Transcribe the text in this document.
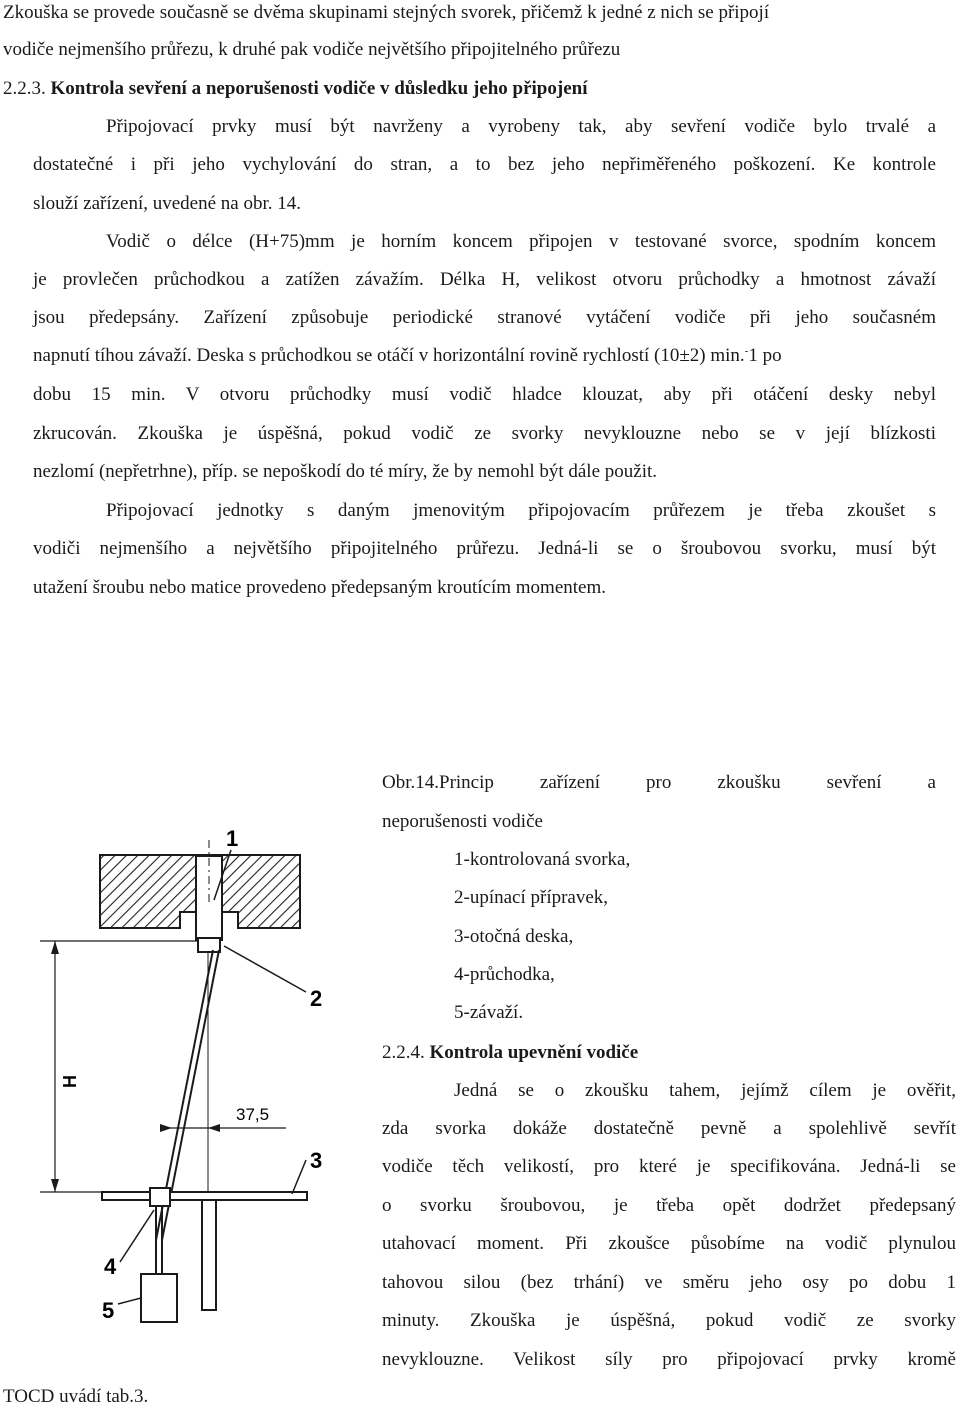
Zkouška se provede současně se dvěma skupinami stejných svorek, přičemž k jedné z nich se připojí
vodiče nejmenšího průřezu, k druhé pak vodiče největšího připojitelného průřezu
2.2.3. Kontrola sevření a neporušenosti vodiče v důsledku jeho připojení
Připojovací prvky musí být navrženy a vyrobeny tak, aby sevření vodiče bylo trvalé a
dostatečné i při jeho vychylování do stran, a to bez jeho nepřiměřeného poškození. Ke kontrole
slouží zařízení, uvedené na obr. 14.
Vodič o délce (H+75)mm je horním koncem připojen v testované svorce, spodním koncem
je provlečen průchodkou a zatížen závažím. Délka H, velikost otvoru průchodky a hmotnost závaží
jsou předepsány. Zařízení způsobuje periodické stranové vytáčení vodiče při jeho současném
napnutí tíhou závaží. Deska s průchodkou se otáčí v horizontální rovině rychlostí (10±2) min.-1 po
dobu 15 min. V otvoru průchodky musí vodič hladce klouzat, aby při otáčení desky nebyl
zkrucován. Zkouška je úspěšná, pokud vodič ze svorky nevyklouzne nebo se v její blízkosti
nezlomí (nepřetrhne), příp. se nepoškodí do té míry, že by nemohl být dále použit.
Připojovací jednotky s daným jmenovitým připojovacím průřezem je třeba zkoušet s
vodiči nejmenšího a největšího připojitelného průřezu. Jedná-li se o šroubovou svorku, musí být
utažení šroubu nebo matice provedeno předepsaným kroutícím momentem.
Obr.14.Princip zařízení pro zkoušku sevření a
neporušenosti vodiče
1-kontrolovaná svorka,
2-upínací přípravek,
3-otočná deska,
4-průchodka,
5-závaží.
2.2.4. Kontrola upevnění vodiče
Jedná se o zkoušku tahem, jejímž cílem je ověřit,
zda svorka dokáže dostatečně pevně a spolehlivě sevřít
vodiče těch velikostí, pro které je specifikována. Jedná-li se
o svorku šroubovou, je třeba opět dodržet předepsaný
utahovací moment. Při zkoušce působíme na vodič plynulou
tahovou silou (bez trhání) ve směru jeho osy po dobu 1
minuty. Zkouška je úspěšná, pokud vodič ze svorky
nevyklouzne. Velikost síly pro připojovací prvky kromě
TOCD uvádí tab.3.
1
2
3
4
5
H
37,5
